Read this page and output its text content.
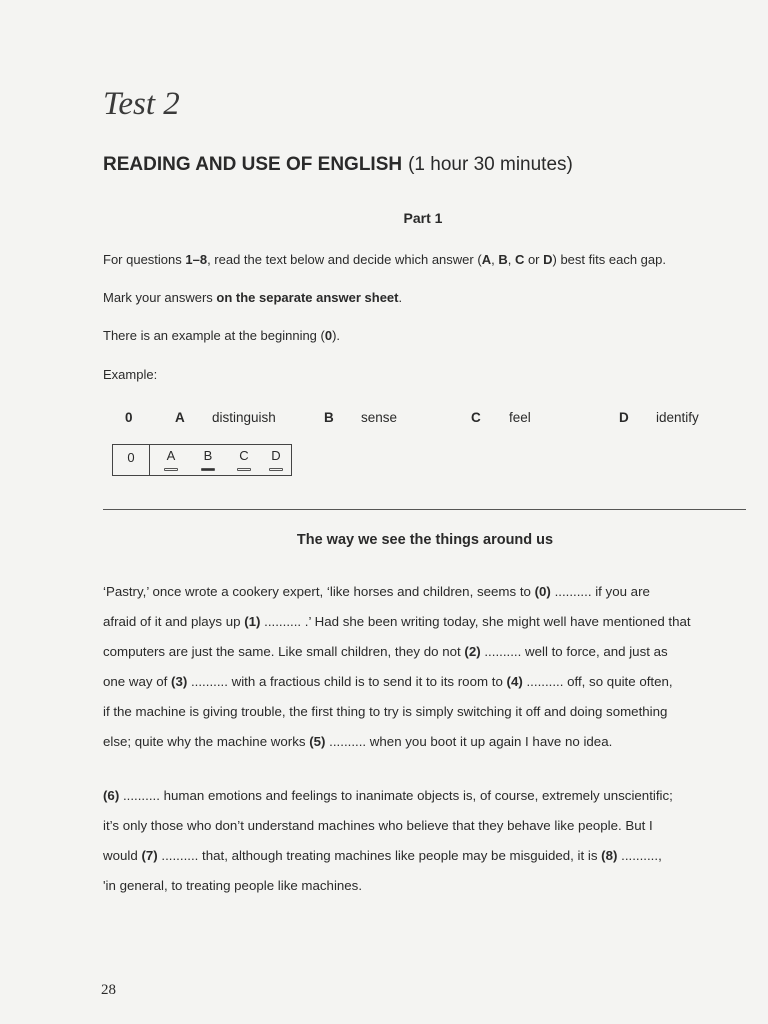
Test 2
READING AND USE OF ENGLISH (1 hour 30 minutes)
Part 1

For questions 1–8, read the text below and decide which answer (A, B, C or D) best fits each gap.

Mark your answers on the separate answer sheet.

There is an example at the beginning (0).

Example:

0	A distinguish	B sense	C feel	D identify
0	A	B	C	D
The way we see the things around us
‘Pastry,’ once wrote a cookery expert, ‘like horses and children, seems to (0) .......... if you are
afraid of it and plays up (1) .......... .’ Had she been writing today, she might well have mentioned that
computers are just the same. Like small children, they do not (2) .......... well to force, and just as
one way of (3) .......... with a fractious child is to send it to its room to (4) .......... off, so quite often,
if the machine is giving trouble, the first thing to try is simply switching it off and doing something
else; quite why the machine works (5) .......... when you boot it up again I have no idea.
(6) .......... human emotions and feelings to inanimate objects is, of course, extremely unscientific;
it’s only those who don’t understand machines who believe that they behave like people. But I
would (7) .......... that, although treating machines like people may be misguided, it is (8) ..........,
'in general, to treating people like machines.
28
